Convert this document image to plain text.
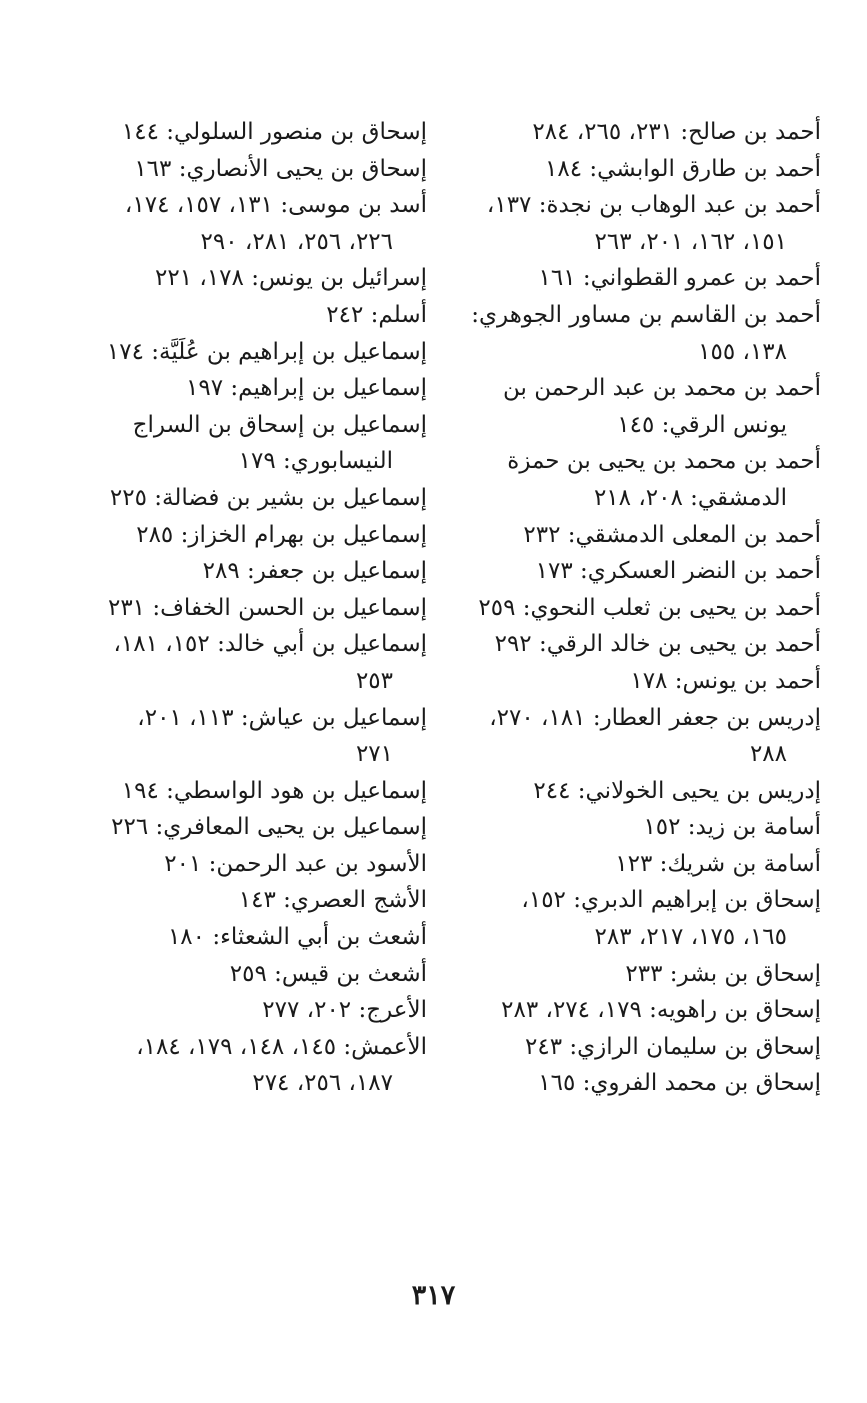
أحمد بن صالح: ٢٣١، ٢٦٥، ٢٨٤
أحمد بن طارق الوابشي: ١٨٤
أحمد بن عبد الوهاب بن نجدة: ١٣٧،
١٥١، ١٦٢، ٢٠١، ٢٦٣
أحمد بن عمرو القطواني: ١٦١
أحمد بن القاسم بن مساور الجوهري:
١٣٨، ١٥٥
أحمد بن محمد بن عبد الرحمن بن
يونس الرقي: ١٤٥
أحمد بن محمد بن يحيى بن حمزة
الدمشقي: ٢٠٨، ٢١٨
أحمد بن المعلى الدمشقي: ٢٣٢
أحمد بن النضر العسكري: ١٧٣
أحمد بن يحيى بن ثعلب النحوي: ٢٥٩
أحمد بن يحيى بن خالد الرقي: ٢٩٢
أحمد بن يونس: ١٧٨
إدريس بن جعفر العطار: ١٨١، ٢٧٠،
٢٨٨
إدريس بن يحيى الخولاني: ٢٤٤
أسامة بن زيد: ١٥٢
أسامة بن شريك: ١٢٣
إسحاق بن إبراهيم الدبري: ١٥٢،
١٦٥، ١٧٥، ٢١٧، ٢٨٣
إسحاق بن بشر: ٢٣٣
إسحاق بن راهويه: ١٧٩، ٢٧٤، ٢٨٣
إسحاق بن سليمان الرازي: ٢٤٣
إسحاق بن محمد الفروي: ١٦٥
إسحاق بن منصور السلولي: ١٤٤
إسحاق بن يحيى الأنصاري: ١٦٣
أسد بن موسى: ١٣١، ١٥٧، ١٧٤،
٢٢٦، ٢٥٦، ٢٨١، ٢٩٠
إسرائيل بن يونس: ١٧٨، ٢٢١
أسلم: ٢٤٢
إسماعيل بن إبراهيم بن عُلَيَّة: ١٧٤
إسماعيل بن إبراهيم: ١٩٧
إسماعيل بن إسحاق بن السراج
النيسابوري: ١٧٩
إسماعيل بن بشير بن فضالة: ٢٢٥
إسماعيل بن بهرام الخزاز: ٢٨٥
إسماعيل بن جعفر: ٢٨٩
إسماعيل بن الحسن الخفاف: ٢٣١
إسماعيل بن أبي خالد: ١٥٢، ١٨١،
٢٥٣
إسماعيل بن عياش: ١١٣، ٢٠١،
٢٧١
إسماعيل بن هود الواسطي: ١٩٤
إسماعيل بن يحيى المعافري: ٢٢٦
الأسود بن عبد الرحمن: ٢٠١
الأشج العصري: ١٤٣
أشعث بن أبي الشعثاء: ١٨٠
أشعث بن قيس: ٢٥٩
الأعرج: ٢٠٢، ٢٧٧
الأعمش: ١٤٥، ١٤٨، ١٧٩، ١٨٤،
١٨٧، ٢٥٦، ٢٧٤
٣١٧
